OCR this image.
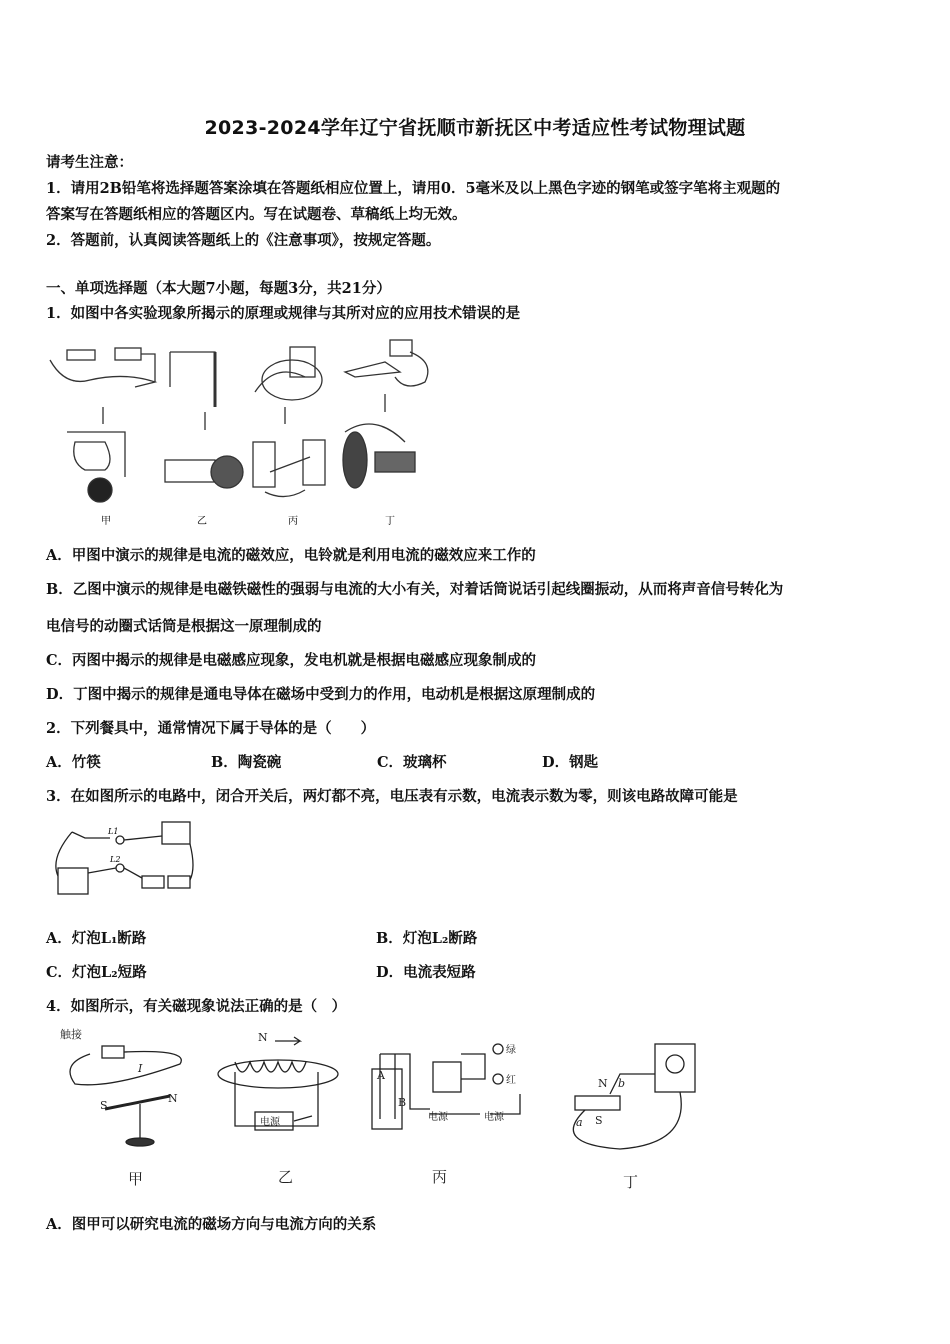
2023-2024学年辽宁省抚顺市新抚区中考适应性考试物理试题
请考生注意：
1．请用2B铅笔将选择题答案涂填在答题纸相应位置上，请用0．5毫米及以上黑色字迹的钢笔或签字笔将主观题的
答案写在答题纸相应的答题区内。写在试题卷、草稿纸上均无效。
2．答题前，认真阅读答题纸上的《注意事项》，按规定答题。
一、单项选择题（本大题7小题，每题3分，共21分）
1．如图中各实验现象所揭示的原理或规律与其所对应的应用技术错误的是
甲	乙	丙	丁
A．甲图中演示的规律是电流的磁效应，电铃就是利用电流的磁效应来工作的
B．乙图中演示的规律是电磁铁磁性的强弱与电流的大小有关，对着话筒说话引起线圈振动，从而将声音信号转化为
电信号的动圈式话筒是根据这一原理制成的
C．丙图中揭示的规律是电磁感应现象，发电机就是根据电磁感应现象制成的
D．丁图中揭示的规律是通电导体在磁场中受到力的作用，电动机是根据这原理制成的
2．下列餐具中，通常情况下属于导体的是（　　）
A．竹筷	B．陶瓷碗	C．玻璃杯	D．钢匙
3．在如图所示的电路中，闭合开关后，两灯都不亮，电压表有示数，电流表示数为零，则该电路故障可能是
L1
L2
A．灯泡L₁断路	B．灯泡L₂断路
C．灯泡L₂短路	D．电流表短路
4．如图所示，有关磁现象说法正确的是（　）
触接
I
S
N
N
电源
A
B
电源	电源
绿
红	N b
a S
甲	乙	丙	丁
A．图甲可以研究电流的磁场方向与电流方向的关系
